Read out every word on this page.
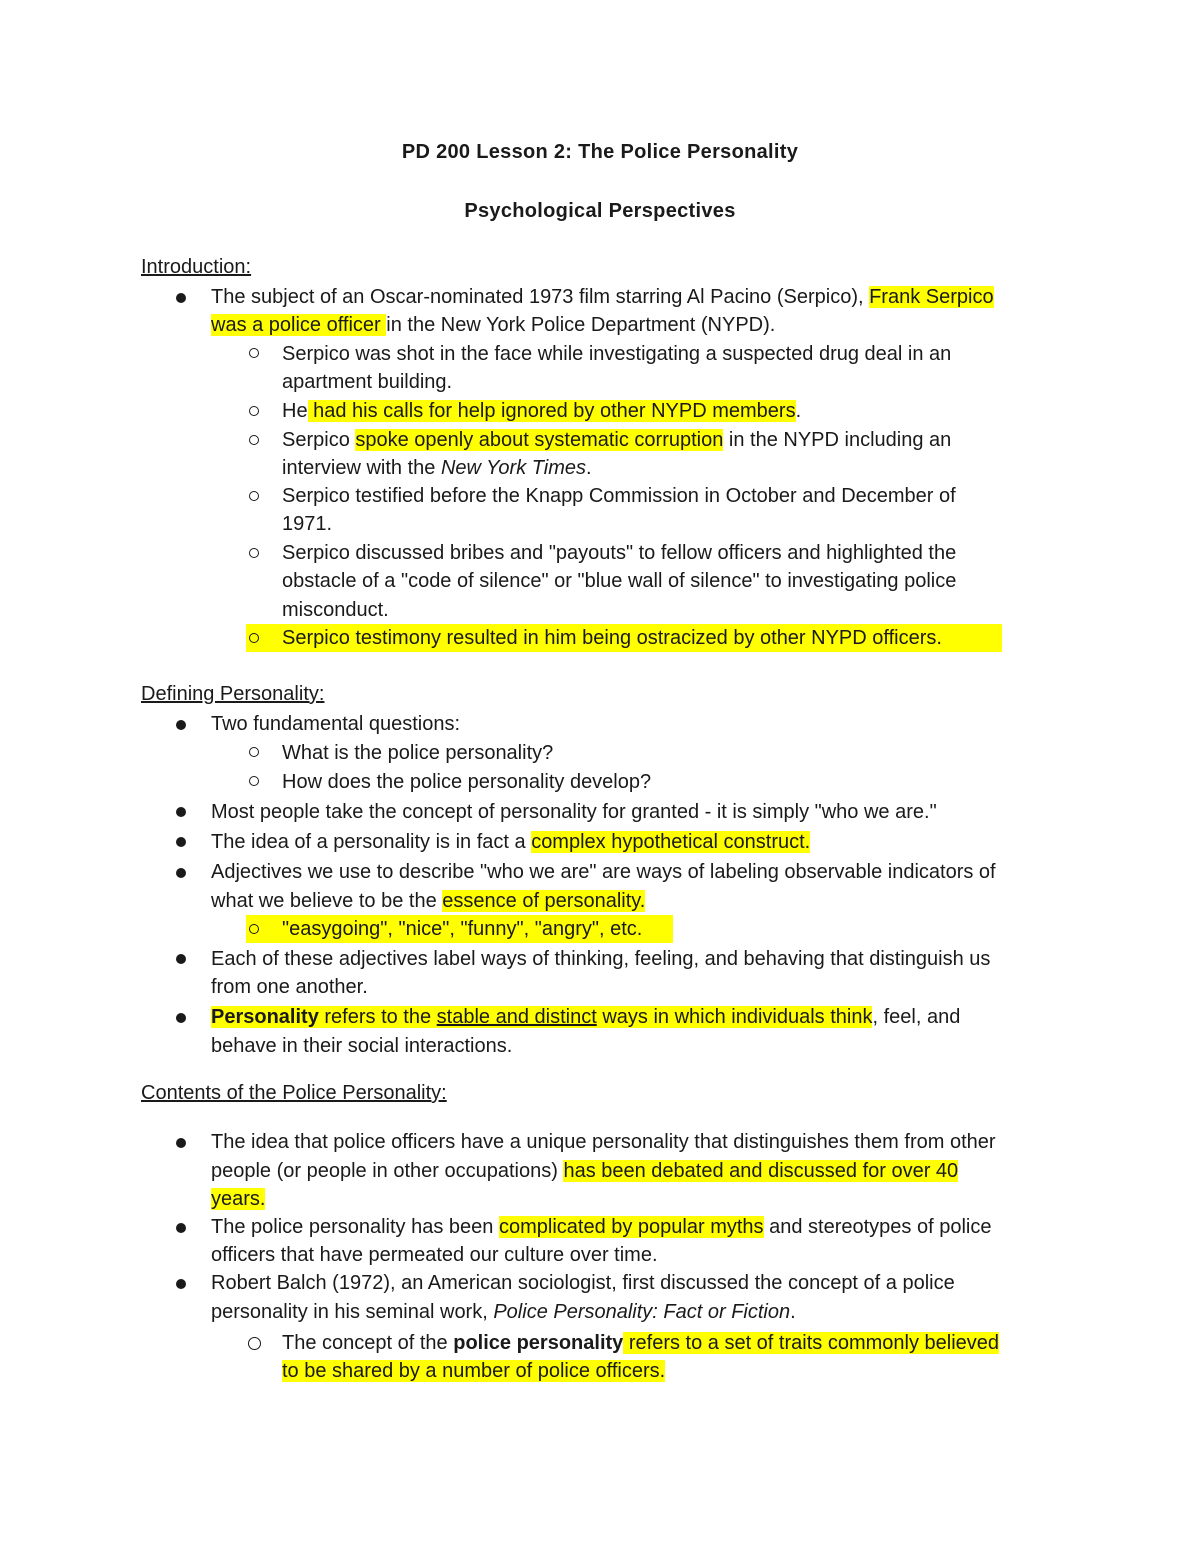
PD 200 Lesson 2: The Police Personality
Psychological Perspectives
Introduction:
The subject of an Oscar-nominated 1973 film starring Al Pacino (Serpico), Frank Serpico
was a police officer in the New York Police Department (NYPD).
Serpico was shot in the face while investigating a suspected drug deal in an
apartment building.
He had his calls for help ignored by other NYPD members.
Serpico spoke openly about systematic corruption in the NYPD including an
interview with the New York Times.
Serpico testified before the Knapp Commission in October and December of
1971.
Serpico discussed bribes and "payouts" to fellow officers and highlighted the
obstacle of a "code of silence" or "blue wall of silence" to investigating police
misconduct.
Serpico testimony resulted in him being ostracized by other NYPD officers.
Defining Personality:
Two fundamental questions:
What is the police personality?
How does the police personality develop?
Most people take the concept of personality for granted - it is simply "who we are."
The idea of a personality is in fact a complex hypothetical construct.
Adjectives we use to describe "who we are" are ways of labeling observable indicators of
what we believe to be the essence of personality.
"easygoing", "nice", "funny", "angry", etc.
Each of these adjectives label ways of thinking, feeling, and behaving that distinguish us
from one another.
Personality refers to the stable and distinct ways in which individuals think, feel, and
behave in their social interactions.
Contents of the Police Personality:
The idea that police officers have a unique personality that distinguishes them from other
people (or people in other occupations) has been debated and discussed for over 40
years.
The police personality has been complicated by popular myths and stereotypes of police
officers that have permeated our culture over time.
Robert Balch (1972), an American sociologist, first discussed the concept of a police
personality in his seminal work, Police Personality: Fact or Fiction.
The concept of the police personality refers to a set of traits commonly believed
to be shared by a number of police officers.
